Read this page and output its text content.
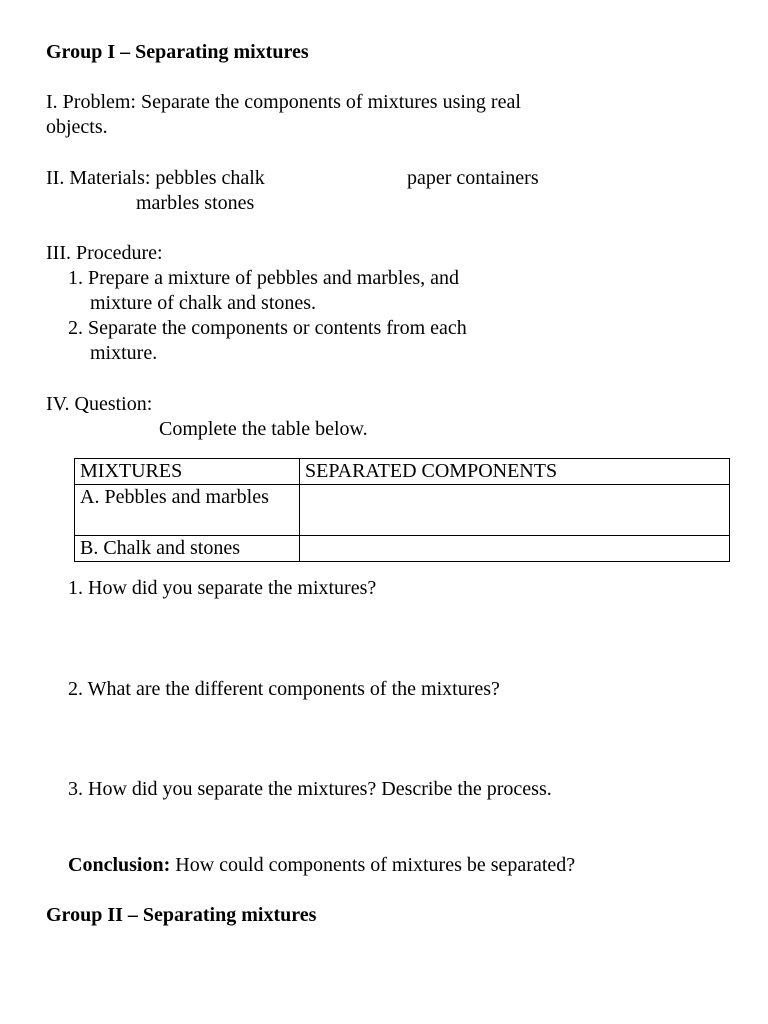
Group I – Separating mixtures
I. Problem: Separate the components of mixtures using real
objects.
II. Materials: pebbles chalk	paper containers
marbles stones
III. Procedure:
1. Prepare a mixture of pebbles and marbles, and
mixture of chalk and stones.
2. Separate the components or contents from each
mixture.
IV. Question:
Complete the table below.
MIXTURES	SEPARATED COMPONENTS
A. Pebbles and marbles	
B. Chalk and stones	
1. How did you separate the mixtures?
2. What are the different components of the mixtures?
3. How did you separate the mixtures? Describe the process.
Conclusion: How could components of mixtures be separated?
Group II – Separating mixtures
